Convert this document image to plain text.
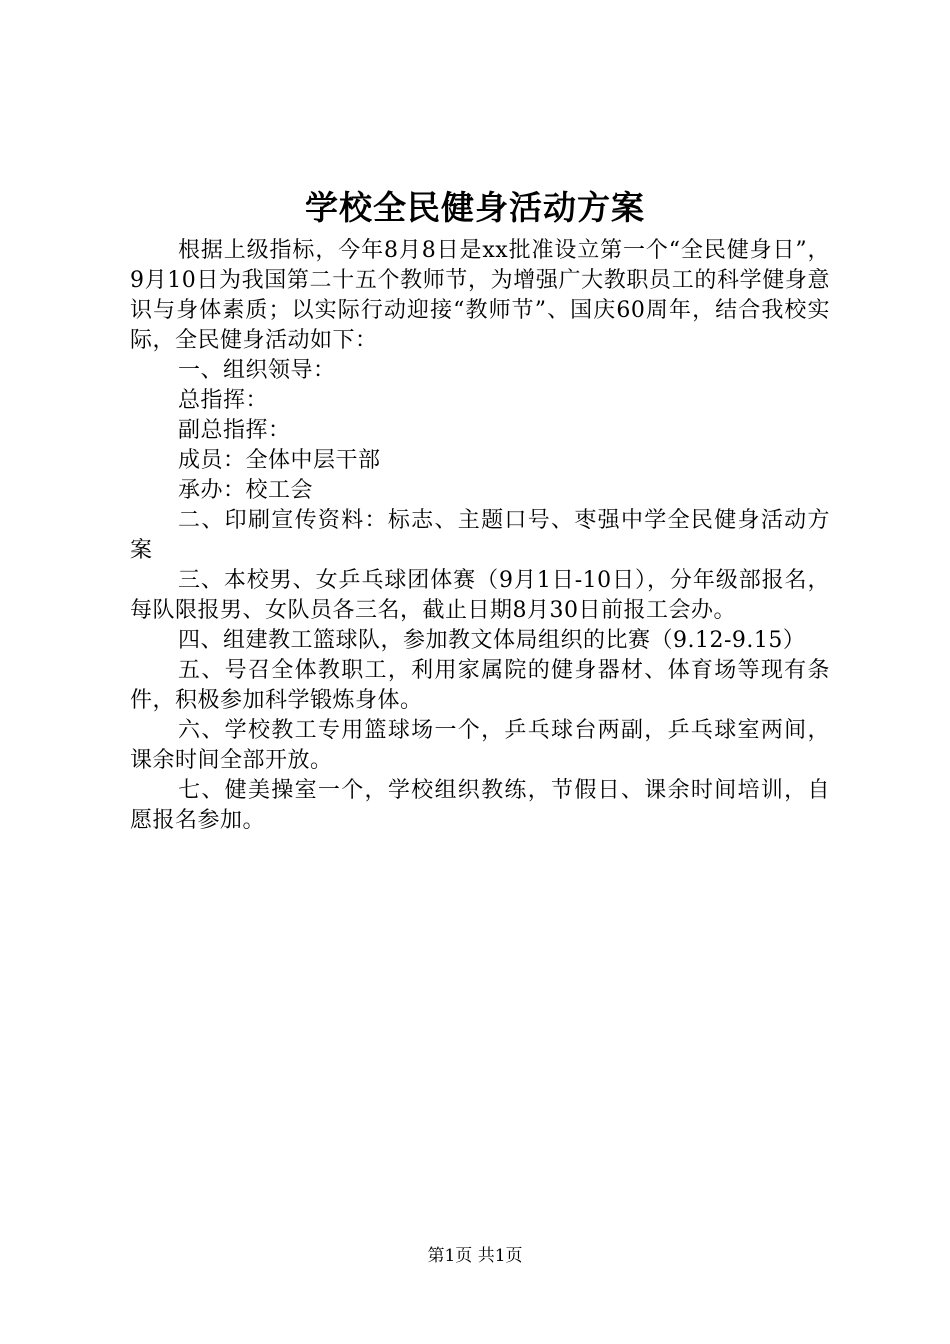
学校全民健身活动方案

根据上级指标，今年8月8日是xx批准设立第一个“全民健身日”，9月10日为我国第二十五个教师节，为增强广大教职员工的科学健身意识与身体素质；以实际行动迎接“教师节”、国庆60周年，结合我校实际，全民健身活动如下：

一、组织领导：

总指挥：

副总指挥：

成员：全体中层干部

承办：校工会

二、印刷宣传资料：标志、主题口号、枣强中学全民健身活动方案

三、本校男、女乒乓球团体赛（9月1日-10日），分年级部报名，每队限报男、女队员各三名，截止日期8月30日前报工会办。

四、组建教工篮球队，参加教文体局组织的比赛（9.12-9.15）

五、号召全体教职工，利用家属院的健身器材、体育场等现有条件，积极参加科学锻炼身体。

六、学校教工专用篮球场一个，乒乓球台两副，乒乓球室两间，课余时间全部开放。

七、健美操室一个，学校组织教练，节假日、课余时间培训，自愿报名参加。

第1页 共1页
